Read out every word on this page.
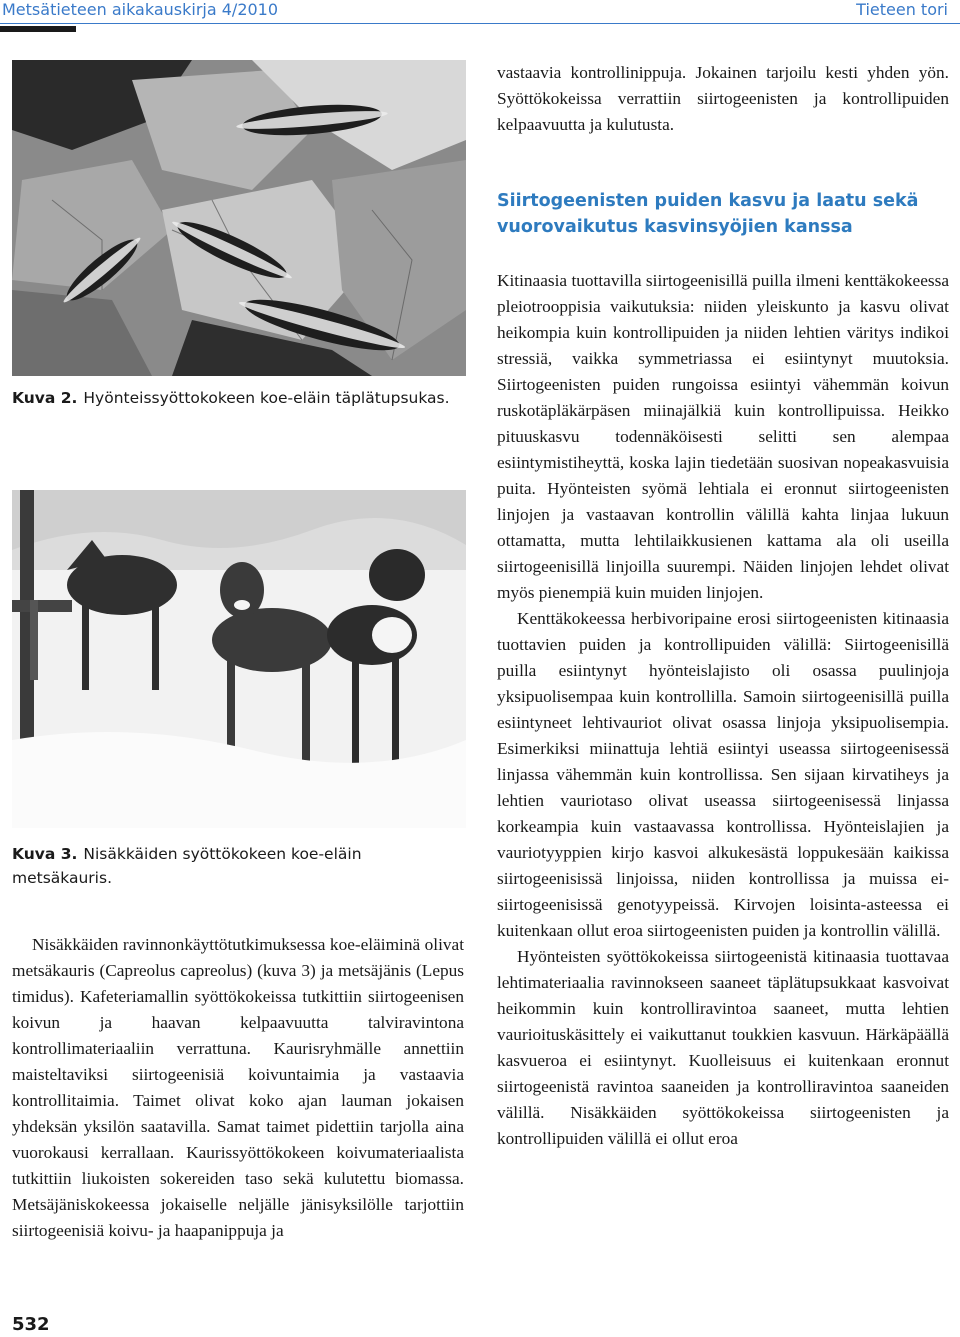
Metsätieteen aikakauskirja 4/2010	Tieteen tori
Kuva 2. Hyönteissyöttokokeen koe-eläin täplätupsukas.
Kuva 3. Nisäkkäiden syöttökokeen koe-eläin metsäkauris.

Nisäkkäiden ravinnonkäyttötutkimuksessa koe-eläiminä olivat metsäkauris (Capreolus capreolus) (kuva 3) ja metsäjänis (Lepus timidus). Kafeteriamallin syöttökokeissa tutkittiin siirtogeenisen koivun ja haavan kelpaavuutta talviravintona kontrollimateriaaliin verrattuna. Kaurisryhmälle annettiin maisteltaviksi siirtogeenisiä koivuntaimia ja vastaavia kontrollitaimia. Taimet olivat koko ajan lauman jokaisen yhdeksän yksilön saatavilla. Samat taimet pidettiin tarjolla aina vuorokausi kerrallaan. Kaurissyöttökokeen koivumateriaalista tutkittiin liukoisten sokereiden taso sekä kulutettu biomassa. Metsäjäniskokeessa jokaiselle neljälle jänisyksilölle tarjottiin siirtogeenisiä koivu- ja haapanippuja ja

vastaavia kontrollinippuja. Jokainen tarjoilu kesti yhden yön. Syöttökokeissa verrattiin siirtogeenisten ja kontrollipuiden kelpaavuutta ja kulutusta.

Siirtogeenisten puiden kasvu ja laatu sekä vuorovaikutus kasvinsyöjien kanssa

Kitinaasia tuottavilla siirtogeenisillä puilla ilmeni kenttäkokeessa pleiotrooppisia vaikutuksia: niiden yleiskunto ja kasvu olivat heikompia kuin kontrollipuiden ja niiden lehtien väritys indikoi stressiä, vaikka symmetriassa ei esiintynyt muutoksia. Siirtogeenisten puiden rungoissa esiintyi vähemmän koivun ruskotäpläkärpäsen miinajälkiä kuin kontrollipuissa. Heikko pituuskasvu todennäköisesti selitti sen alempaa esiintymistiheyttä, koska lajin tiedetään suosivan nopeakasvuisia puita. Hyönteisten syömä lehtiala ei eronnut siirtogeenisten linjojen ja vastaavan kontrollin välillä kahta linjaa lukuun ottamatta, mutta lehtilaikkusienen kattama ala oli useilla siirtogeenisillä linjoilla suurempi. Näiden linjojen lehdet olivat myös pienempiä kuin muiden linjojen.

Kenttäkokeessa herbivoripaine erosi siirtogeenisten kitinaasia tuottavien puiden ja kontrollipuiden välillä: Siirtogeenisillä puilla esiintynyt hyönteislajisto oli osassa puulinjoja yksipuolisempaa kuin kontrollilla. Samoin siirtogeenisillä puilla esiintyneet lehtivauriot olivat osassa linjoja yksipuolisempia. Esimerkiksi miinattuja lehtiä esiintyi useassa siirtogeenisessä linjassa vähemmän kuin kontrollissa. Sen sijaan kirvatiheys ja lehtien vauriotaso olivat useassa siirtogeenisessä linjassa korkeampia kuin vastaavassa kontrollissa. Hyönteislajien ja vauriotyyppien kirjo kasvoi alkukesästä loppukesään kaikissa siirtogeenisissä linjoissa, niiden kontrollissa ja muissa ei-siirtogeenisissä genotyypeissä. Kirvojen loisinta-asteessa ei kuitenkaan ollut eroa siirtogeenisten puiden ja kontrollin välillä.

Hyönteisten syöttökokeissa siirtogeenistä kitinaasia tuottavaa lehtimateriaalia ravinnokseen saaneet täplätupsukkaat kasvoivat heikommin kuin kontrolliravintoa saaneet, mutta lehtien vaurioituskäsittely ei vaikuttanut toukkien kasvuun. Härkäpäällä kasvueroa ei esiintynyt. Kuolleisuus ei kuitenkaan eronnut siirtogeenistä ravintoa saaneiden ja kontrolliravintoa saaneiden välillä. Nisäkkäiden syöttökokeissa siirtogeenisten ja kontrollipuiden välillä ei ollut eroa

532
